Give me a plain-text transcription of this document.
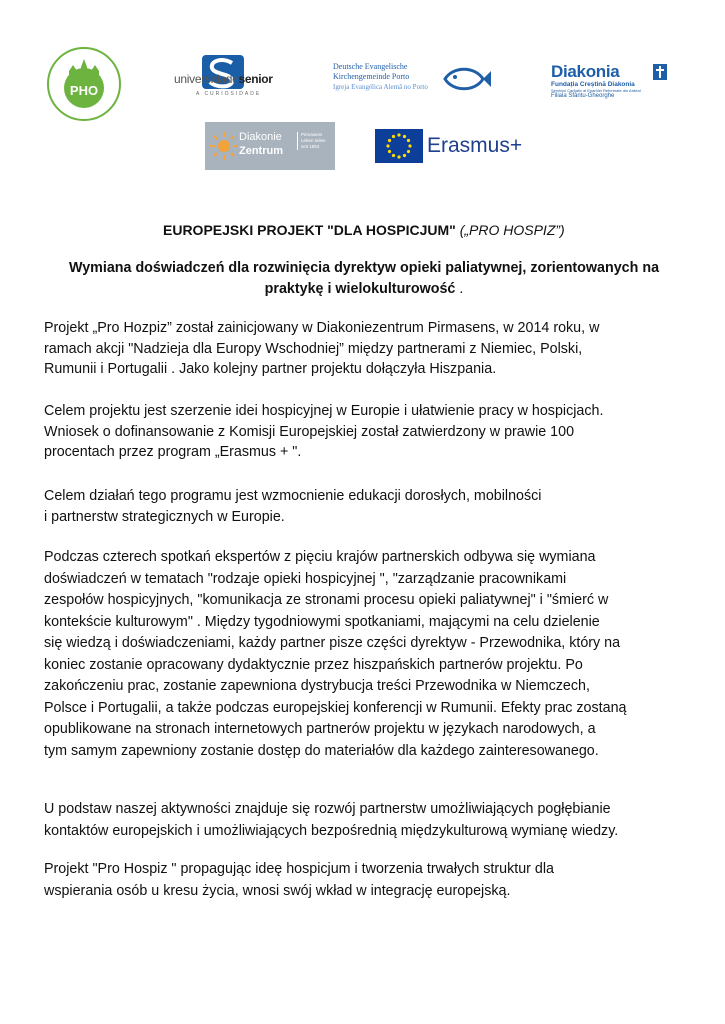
PHO
universidadesenior
A CURIOSIDADE
Deutsche Evangelische
Kirchengemeinde Porto
Igreja Evangélica Alemã no Porto
Diakonia
Fundația Creștină Diakonia
Serviciul Caritativ al Eparhiei Reformate din Ardeal
Filiala Sfântu-Gheorghe
Diakonie
Zentrum
Pirmasens
Leben teilen
seit 1853	Erasmus+
EUROPEJSKI PROJEKT "DLA HOSPICJUM" („PRO HOSPIZ”)
Wymiana doświadczeń dla rozwinięcia dyrektyw opieki paliatywnej, zorientowanych na
praktykę i wielokulturowość .
Projekt „Pro Hozpiz” został zainicjowany w Diakoniezentrum Pirmasens, w 2014 roku, w
ramach akcji "Nadzieja dla Europy Wschodniej” między partnerami z Niemiec, Polski,
Rumunii i Portugalii . Jako kolejny partner projektu dołączyła Hiszpania.
Celem projektu jest szerzenie idei hospicyjnej w Europie i ułatwienie pracy w hospicjach.
Wniosek o dofinansowanie z Komisji Europejskiej został zatwierdzony w prawie 100
procentach przez program „Erasmus + ".
Celem działań tego programu jest wzmocnienie edukacji dorosłych, mobilności
i partnerstw strategicznych w Europie.
Podczas czterech spotkań ekspertów z pięciu krajów partnerskich odbywa się wymiana
doświadczeń w tematach "rodzaje opieki hospicyjnej ", "zarządzanie pracownikami
zespołów hospicyjnych, "komunikacja ze stronami procesu opieki paliatywnej" i "śmierć w
kontekście kulturowym" . Między tygodniowymi spotkaniami, mającymi na celu dzielenie
się wiedzą i doświadczeniami, każdy partner pisze części dyrektyw - Przewodnika, który na
koniec zostanie opracowany dydaktycznie przez hiszpańskich partnerów projektu. Po
zakończeniu prac, zostanie zapewniona dystrybucja treści Przewodnika w Niemczech,
Polsce i Portugalii, a także podczas europejskiej konferencji w Rumunii. Efekty prac zostaną
opublikowane na stronach internetowych partnerów projektu w językach narodowych, a
tym samym zapewniony zostanie dostęp do materiałów dla każdego zainteresowanego.
U podstaw naszej aktywności znajduje się rozwój partnerstw umożliwiających pogłębianie
kontaktów europejskich i umożliwiających bezpośrednią międzykulturową wymianę wiedzy.
Projekt "Pro Hospiz " propagując ideę hospicjum i tworzenia trwałych struktur dla
wspierania osób u kresu życia, wnosi swój wkład w integrację europejską.
